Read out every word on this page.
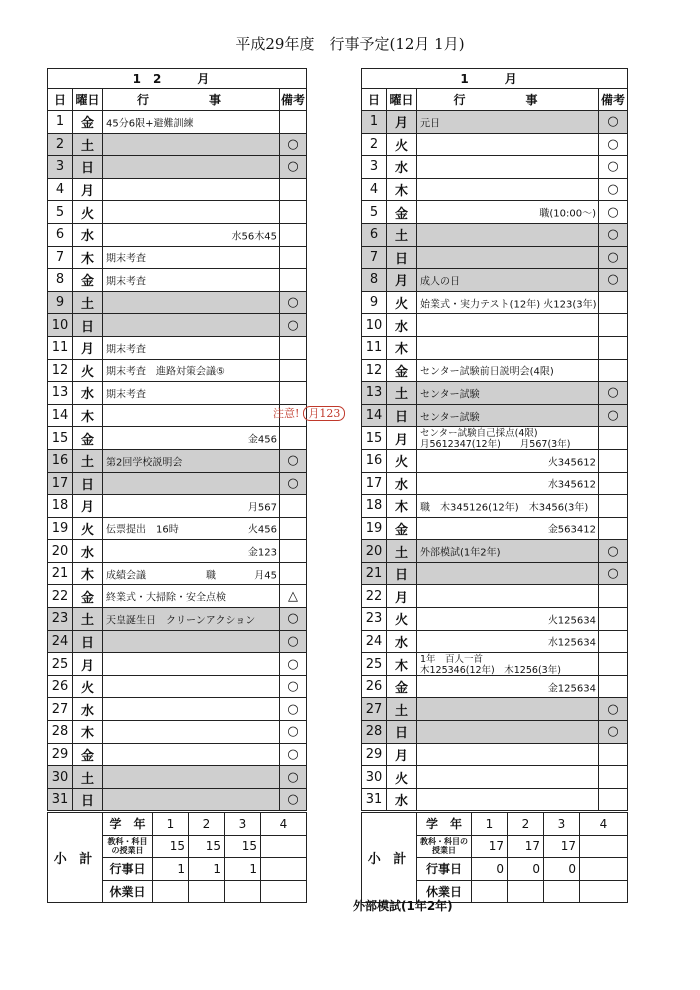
平成29年度　行事予定(12月 1月)
12　月			
日	曜日	行　事	備考
1	金	45分6限+避難訓練	

2	土		○
3	日		○
4	月		
5	火		
6	水	水56木45	

7	木	期末考査	

8	金	期末考査	

9	土		○
10	日		○
11	月	期末考査	

12	火	期末考査　進路対策会議⑤	

13	水	期末考査	

14	木	注意! 月123	

15	金	金456	

16	土	第2回学校説明会	○
17	日		○
18	月	月567	

19	火	伝票提出　16時 火456	

20	水	金123	

21	木	成績会議　　　　　　職 月45	

22	金	終業式・大掃除・安全点検	△
23	土	天皇誕生日　クリーンアクション	○
24	日		○
25	月		○
26	火		○
27	水		○
28	木		○
29	金		○
30	土		○
31	日		○
1　月			
日	曜日	行　事	備考
1	月	元日	○
2	火		○
3	水		○
4	木		○
5	金	職(10:00～)	○
6	土		○
7	日		○
8	月	成人の日	○
9	火	始業式・実力テスト(12年) 火123(3年)	

10	水		
11	木		
12	金	センター試験前日説明会(4限)	

13	土	センター試験	○
14	日	センター試験	○
15	月	センター試験自己採点(4限)
月5612347(12年)　　月567(3年)	

16	火	火345612	

17	水	水345612	

18	木	職　木345126(12年)　木3456(3年)	

19	金	金563412	

20	土	外部模試(1年2年)	○
21	日		○
22	月		
23	火	火125634	

24	水	水125634	

25	木	1年　百人一首
木125346(12年)　木1256(3年)	

26	金	金125634	

27	土		○
28	日		○
29	月		
30	火		
31	水		
小 計	学　年	1	2	3	4
	教科・科目の授業日	15	15	15	
	行事日	1	1	1	
	休業日				
小 計	学　年	1	2	3	4
	教科・科目の授業日	17	17	17	
	行事日	0	0	0	
	休業日				
外部模試(1年2年)
